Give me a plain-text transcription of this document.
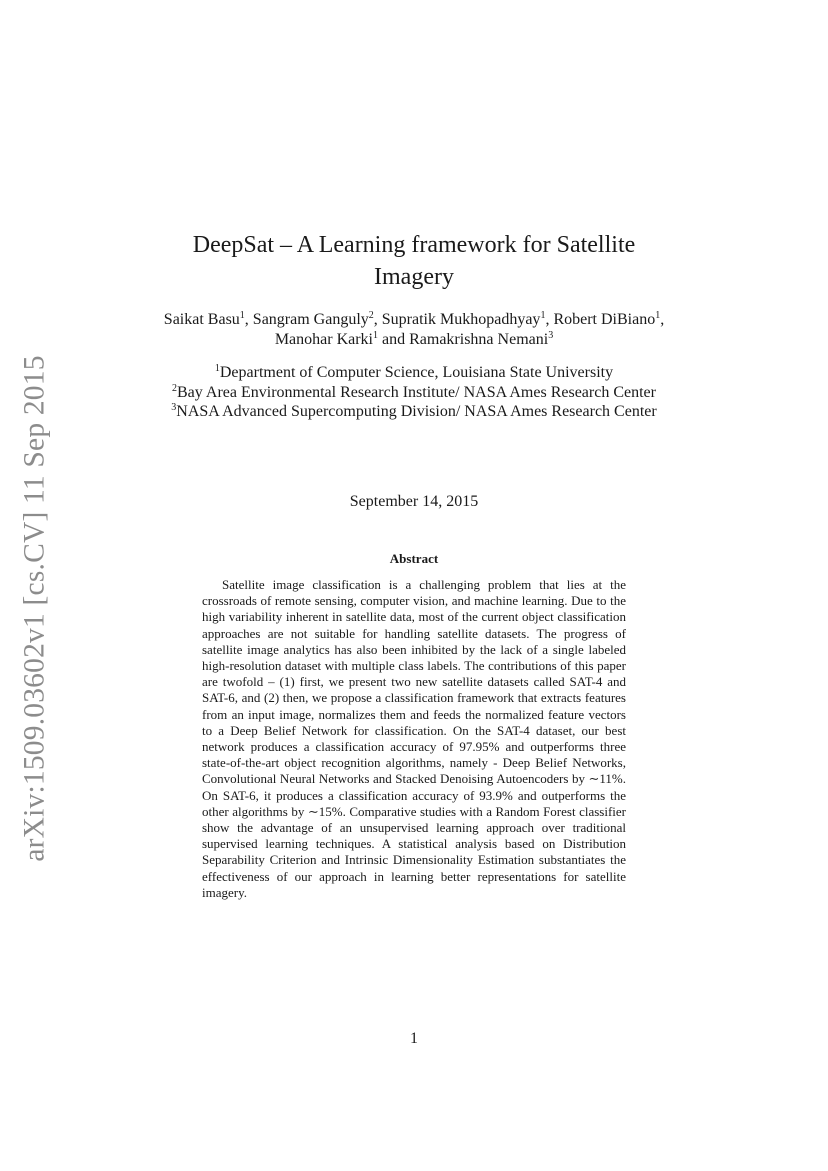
arXiv:1509.03602v1 [cs.CV] 11 Sep 2015
DeepSat – A Learning framework for Satellite Imagery
Saikat Basu$^1$, Sangram Ganguly$^2$, Supratik Mukhopadhyay$^1$, Robert DiBiano$^1$, Manohar Karki$^1$ and Ramakrishna Nemani$^3$
$^1$Department of Computer Science, Louisiana State University
$^2$Bay Area Environmental Research Institute/ NASA Ames Research Center
$^3$NASA Advanced Supercomputing Division/ NASA Ames Research Center
September 14, 2015
Abstract

Satellite image classification is a challenging problem that lies at the crossroads of remote sensing, computer vision, and machine learning. Due to the high variability inherent in satellite data, most of the current object classification approaches are not suitable for handling satellite datasets. The progress of satellite image analytics has also been inhibited by the lack of a single labeled high-resolution dataset with multiple class labels. The contributions of this paper are twofold – (1) first, we present two new satellite datasets called SAT-4 and SAT-6, and (2) then, we propose a classification framework that extracts features from an input image, normalizes them and feeds the normalized feature vectors to a Deep Belief Network for classification. On the SAT-4 dataset, our best network produces a classification accuracy of 97.95% and outperforms three state-of-the-art object recognition algorithms, namely - Deep Belief Networks, Convolutional Neural Networks and Stacked Denoising Autoencoders by ∼11%. On SAT-6, it produces a classification accuracy of 93.9% and outperforms the other algorithms by ∼15%. Comparative studies with a Random Forest classifier show the advantage of an unsupervised learning approach over traditional supervised learning techniques. A statistical analysis based on Distribution Separability Criterion and Intrinsic Dimensionality Estimation substantiates the effectiveness of our approach in learning better representations for satellite imagery.

1
